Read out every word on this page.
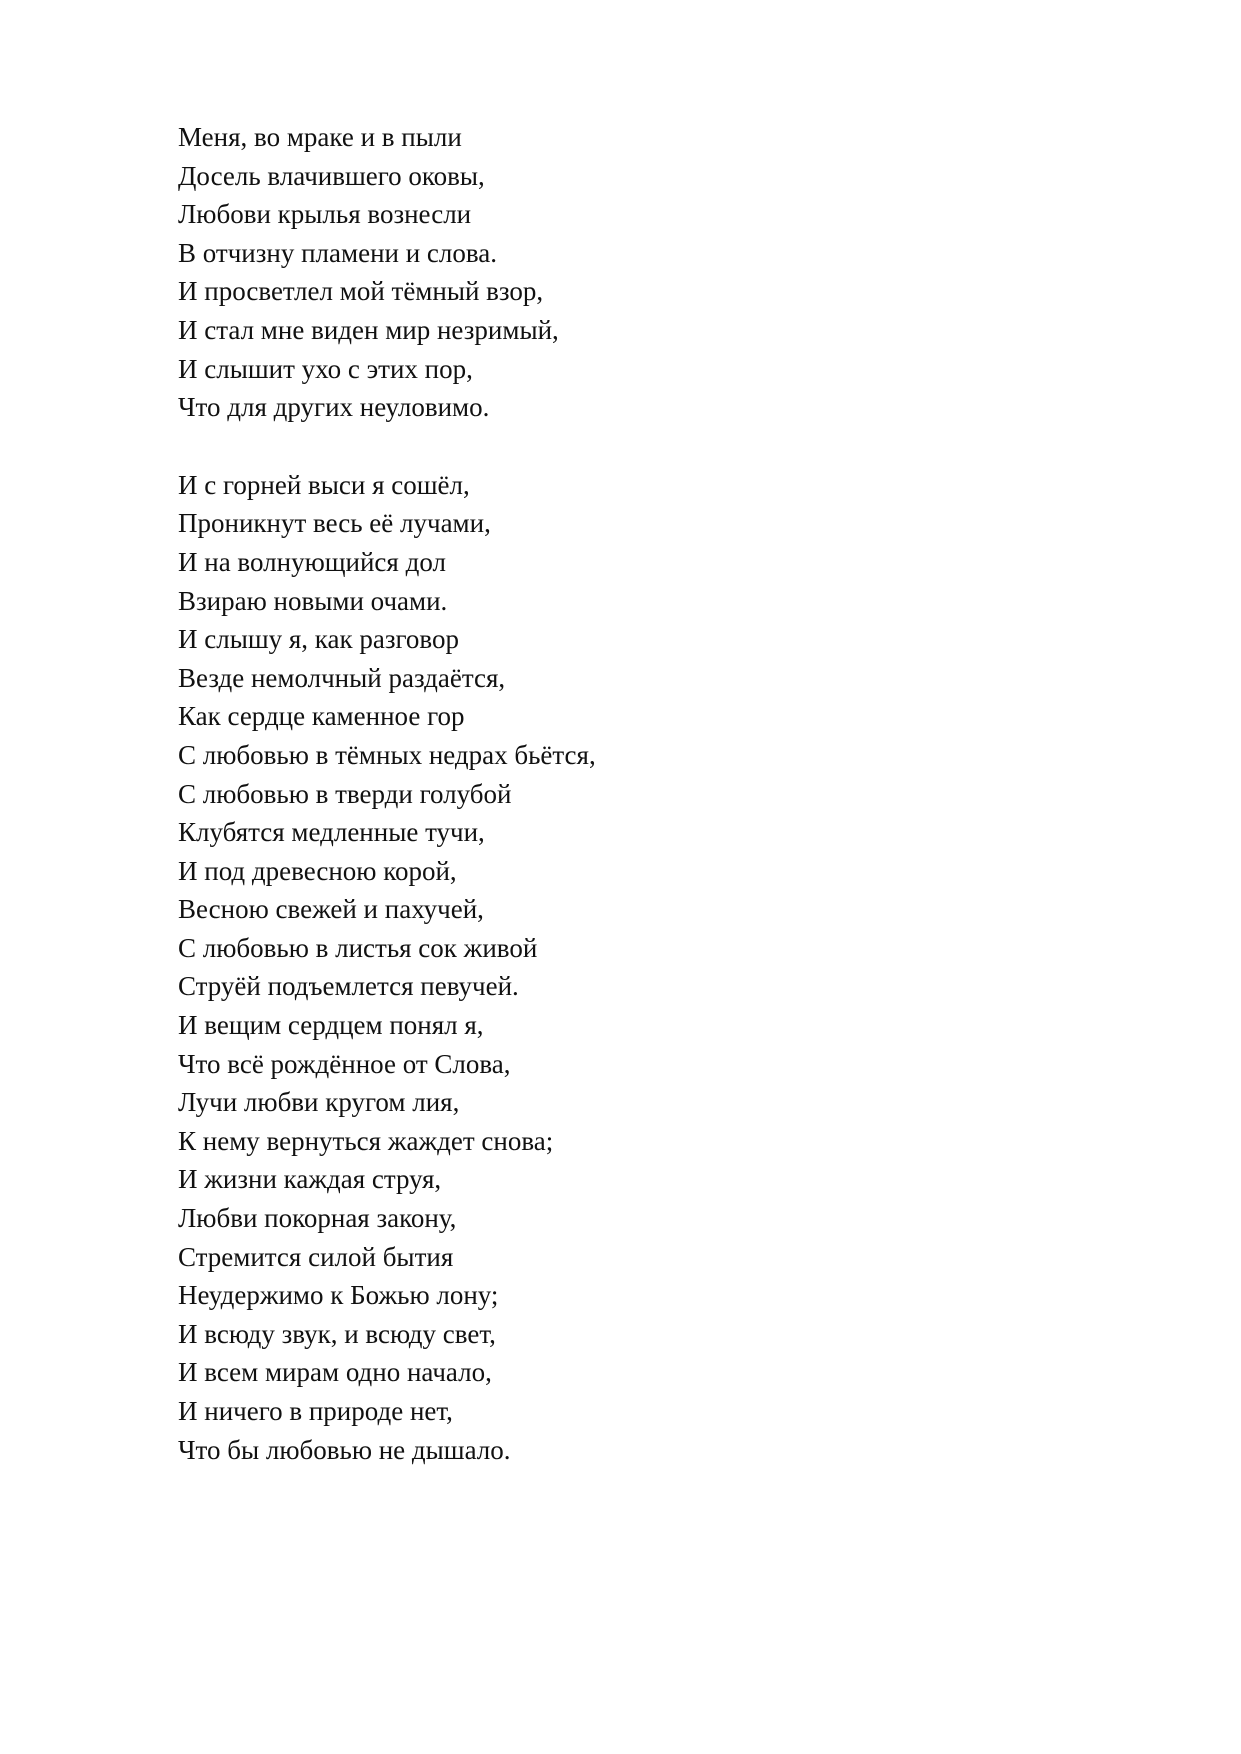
Меня, во мраке и в пыли
Досель влачившего оковы,
Любови крылья вознесли
В отчизну пламени и слова.
И просветлел мой тёмный взор,
И стал мне виден мир незримый,
И слышит ухо с этих пор,
Что для других неуловимо.
И с горней выси я сошёл,
Проникнут весь её лучами,
И на волнующийся дол
Взираю новыми очами.
И слышу я, как разговор
Везде немолчный раздаётся,
Как сердце каменное гор
С любовью в тёмных недрах бьётся,
С любовью в тверди голубой
Клубятся медленные тучи,
И под древесною корой,
Весною свежей и пахучей,
С любовью в листья сок живой
Струёй подъемлется певучей.
И вещим сердцем понял я,
Что всё рождённое от Слова,
Лучи любви кругом лия,
К нему вернуться жаждет снова;
И жизни каждая струя,
Любви покорная закону,
Стремится силой бытия
Неудержимо к Божью лону;
И всюду звук, и всюду свет,
И всем мирам одно начало,
И ничего в природе нет,
Что бы любовью не дышало.
